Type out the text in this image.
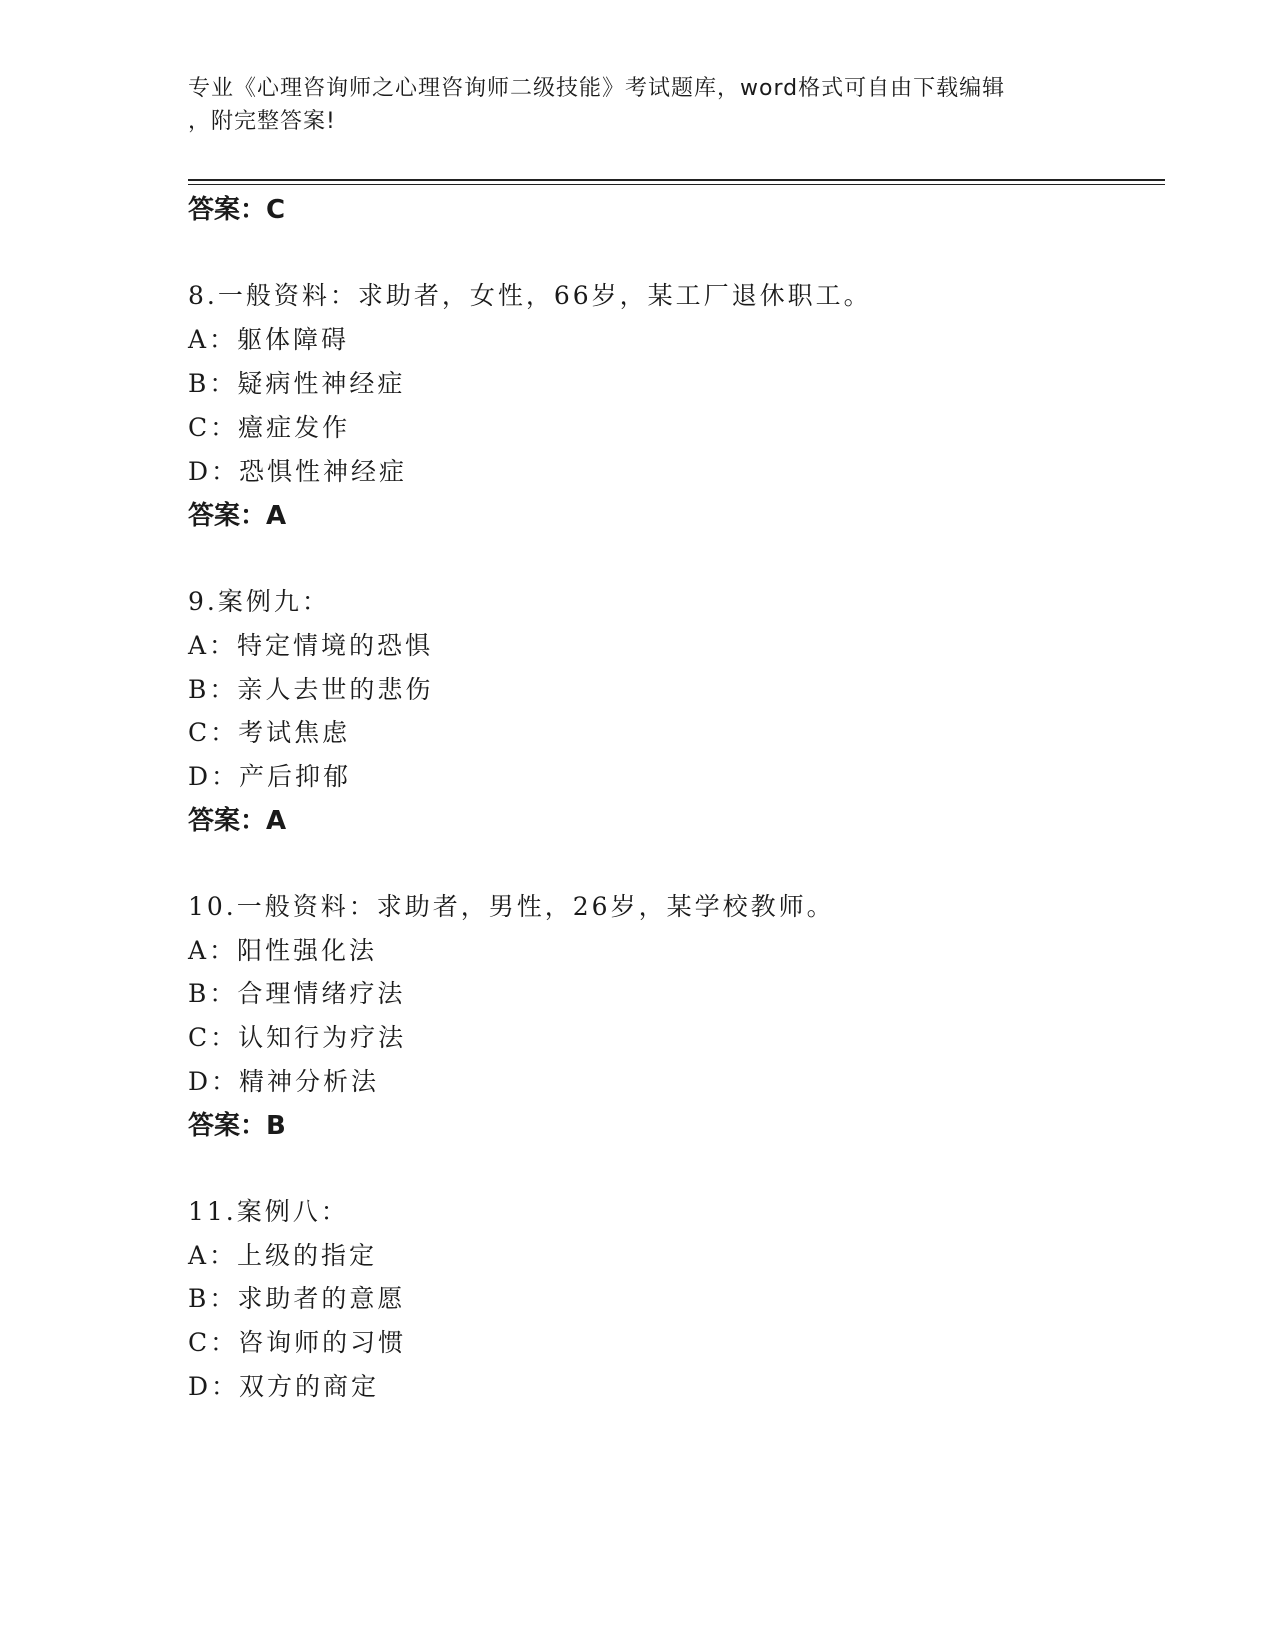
专业《心理咨询师之心理咨询师二级技能》考试题库，word格式可自由下载编辑
，附完整答案!
答案：C
8.一般资料：求助者，女性，66岁，某工厂退休职工。
A：躯体障碍
B：疑病性神经症
C：癔症发作
D：恐惧性神经症
答案：A
9.案例九：
A：特定情境的恐惧
B：亲人去世的悲伤
C：考试焦虑
D：产后抑郁
答案：A
10.一般资料：求助者，男性，26岁，某学校教师。
A：阳性强化法
B：合理情绪疗法
C：认知行为疗法
D：精神分析法
答案：B
11.案例八：
A：上级的指定
B：求助者的意愿
C：咨询师的习惯
D：双方的商定
